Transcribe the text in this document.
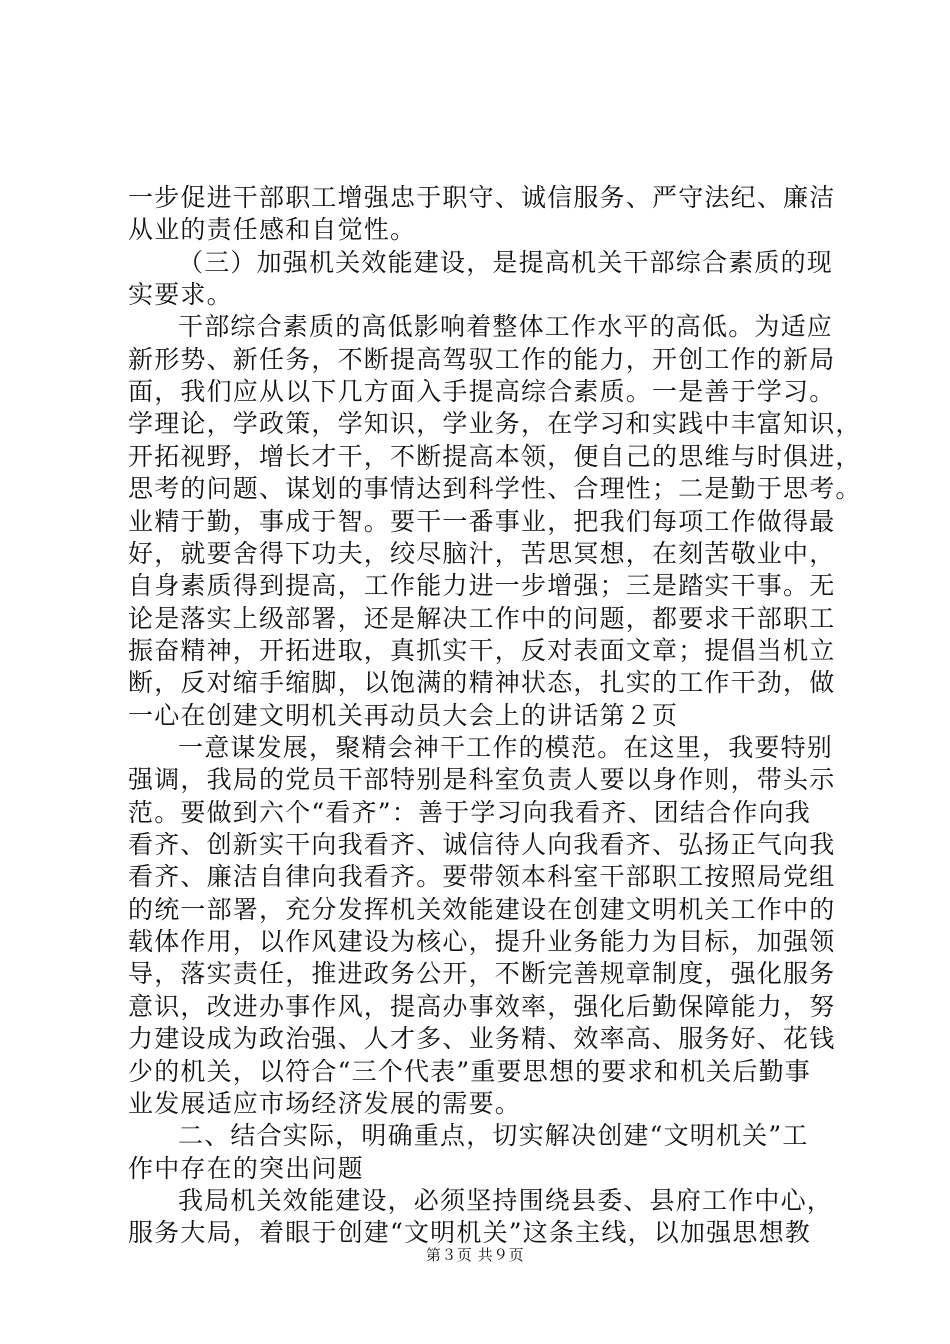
一步促进干部职工增强忠于职守、诚信服务、严守法纪、廉洁
从业的责任感和自觉性。
（三）加强机关效能建设，是提高机关干部综合素质的现
实要求。
干部综合素质的高低影响着整体工作水平的高低。为适应
新形势、新任务，不断提高驾驭工作的能力，开创工作的新局
面，我们应从以下几方面入手提高综合素质。一是善于学习。
学理论，学政策，学知识，学业务，在学习和实践中丰富知识，
开拓视野，增长才干，不断提高本领，便自己的思维与时俱进，
思考的问题、谋划的事情达到科学性、合理性；二是勤于思考。
业精于勤，事成于智。要干一番事业，把我们每项工作做得最
好，就要舍得下功夫，绞尽脑汁，苦思冥想，在刻苦敬业中，
自身素质得到提高，工作能力进一步增强；三是踏实干事。无
论是落实上级部署，还是解决工作中的问题，都要求干部职工
振奋精神，开拓进取，真抓实干，反对表面文章；提倡当机立
断，反对缩手缩脚，以饱满的精神状态，扎实的工作干劲，做
一心在创建文明机关再动员大会上的讲话第２页
一意谋发展，聚精会神干工作的模范。在这里，我要特别
强调，我局的党员干部特别是科室负责人要以身作则，带头示
范。要做到六个“看齐”：善于学习向我看齐、团结合作向我
看齐、创新实干向我看齐、诚信待人向我看齐、弘扬正气向我
看齐、廉洁自律向我看齐。要带领本科室干部职工按照局党组
的统一部署，充分发挥机关效能建设在创建文明机关工作中的
载体作用，以作风建设为核心，提升业务能力为目标，加强领
导，落实责任，推进政务公开，不断完善规章制度，强化服务
意识，改进办事作风，提高办事效率，强化后勤保障能力，努
力建设成为政治强、人才多、业务精、效率高、服务好、花钱
少的机关，以符合“三个代表”重要思想的要求和机关后勤事
业发展适应市场经济发展的需要。
二、结合实际，明确重点，切实解决创建“文明机关”工
作中存在的突出问题
我局机关效能建设，必须坚持围绕县委、县府工作中心，
服务大局，着眼于创建“文明机关”这条主线，以加强思想教
第３页 共９页
